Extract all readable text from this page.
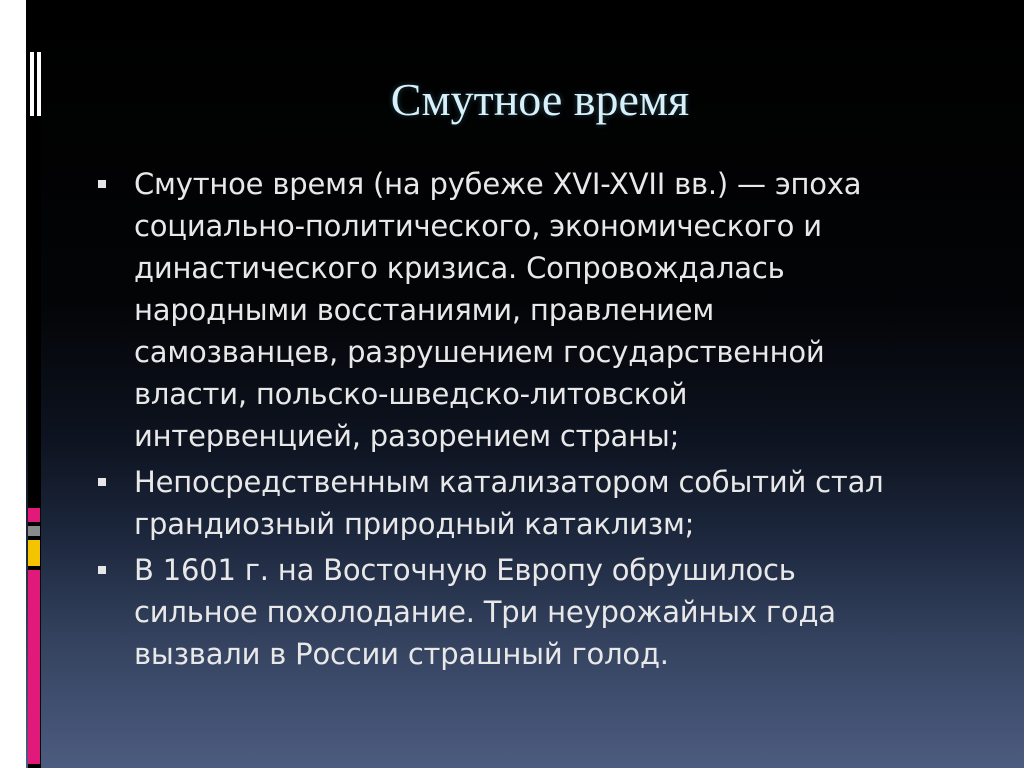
Смутное время
Смутное время (на рубеже XVI-XVII вв.) — эпоха
социально-политического, экономического и
династического кризиса. Сопровождалась
народными восстаниями, правлением
самозванцев, разрушением государственной
власти, польско-шведско-литовской
интервенцией, разорением страны;
Непосредственным катализатором событий стал
грандиозный природный катаклизм;
В 1601 г. на Восточную Европу обрушилось
сильное похолодание. Три неурожайных года
вызвали в России страшный голод.
